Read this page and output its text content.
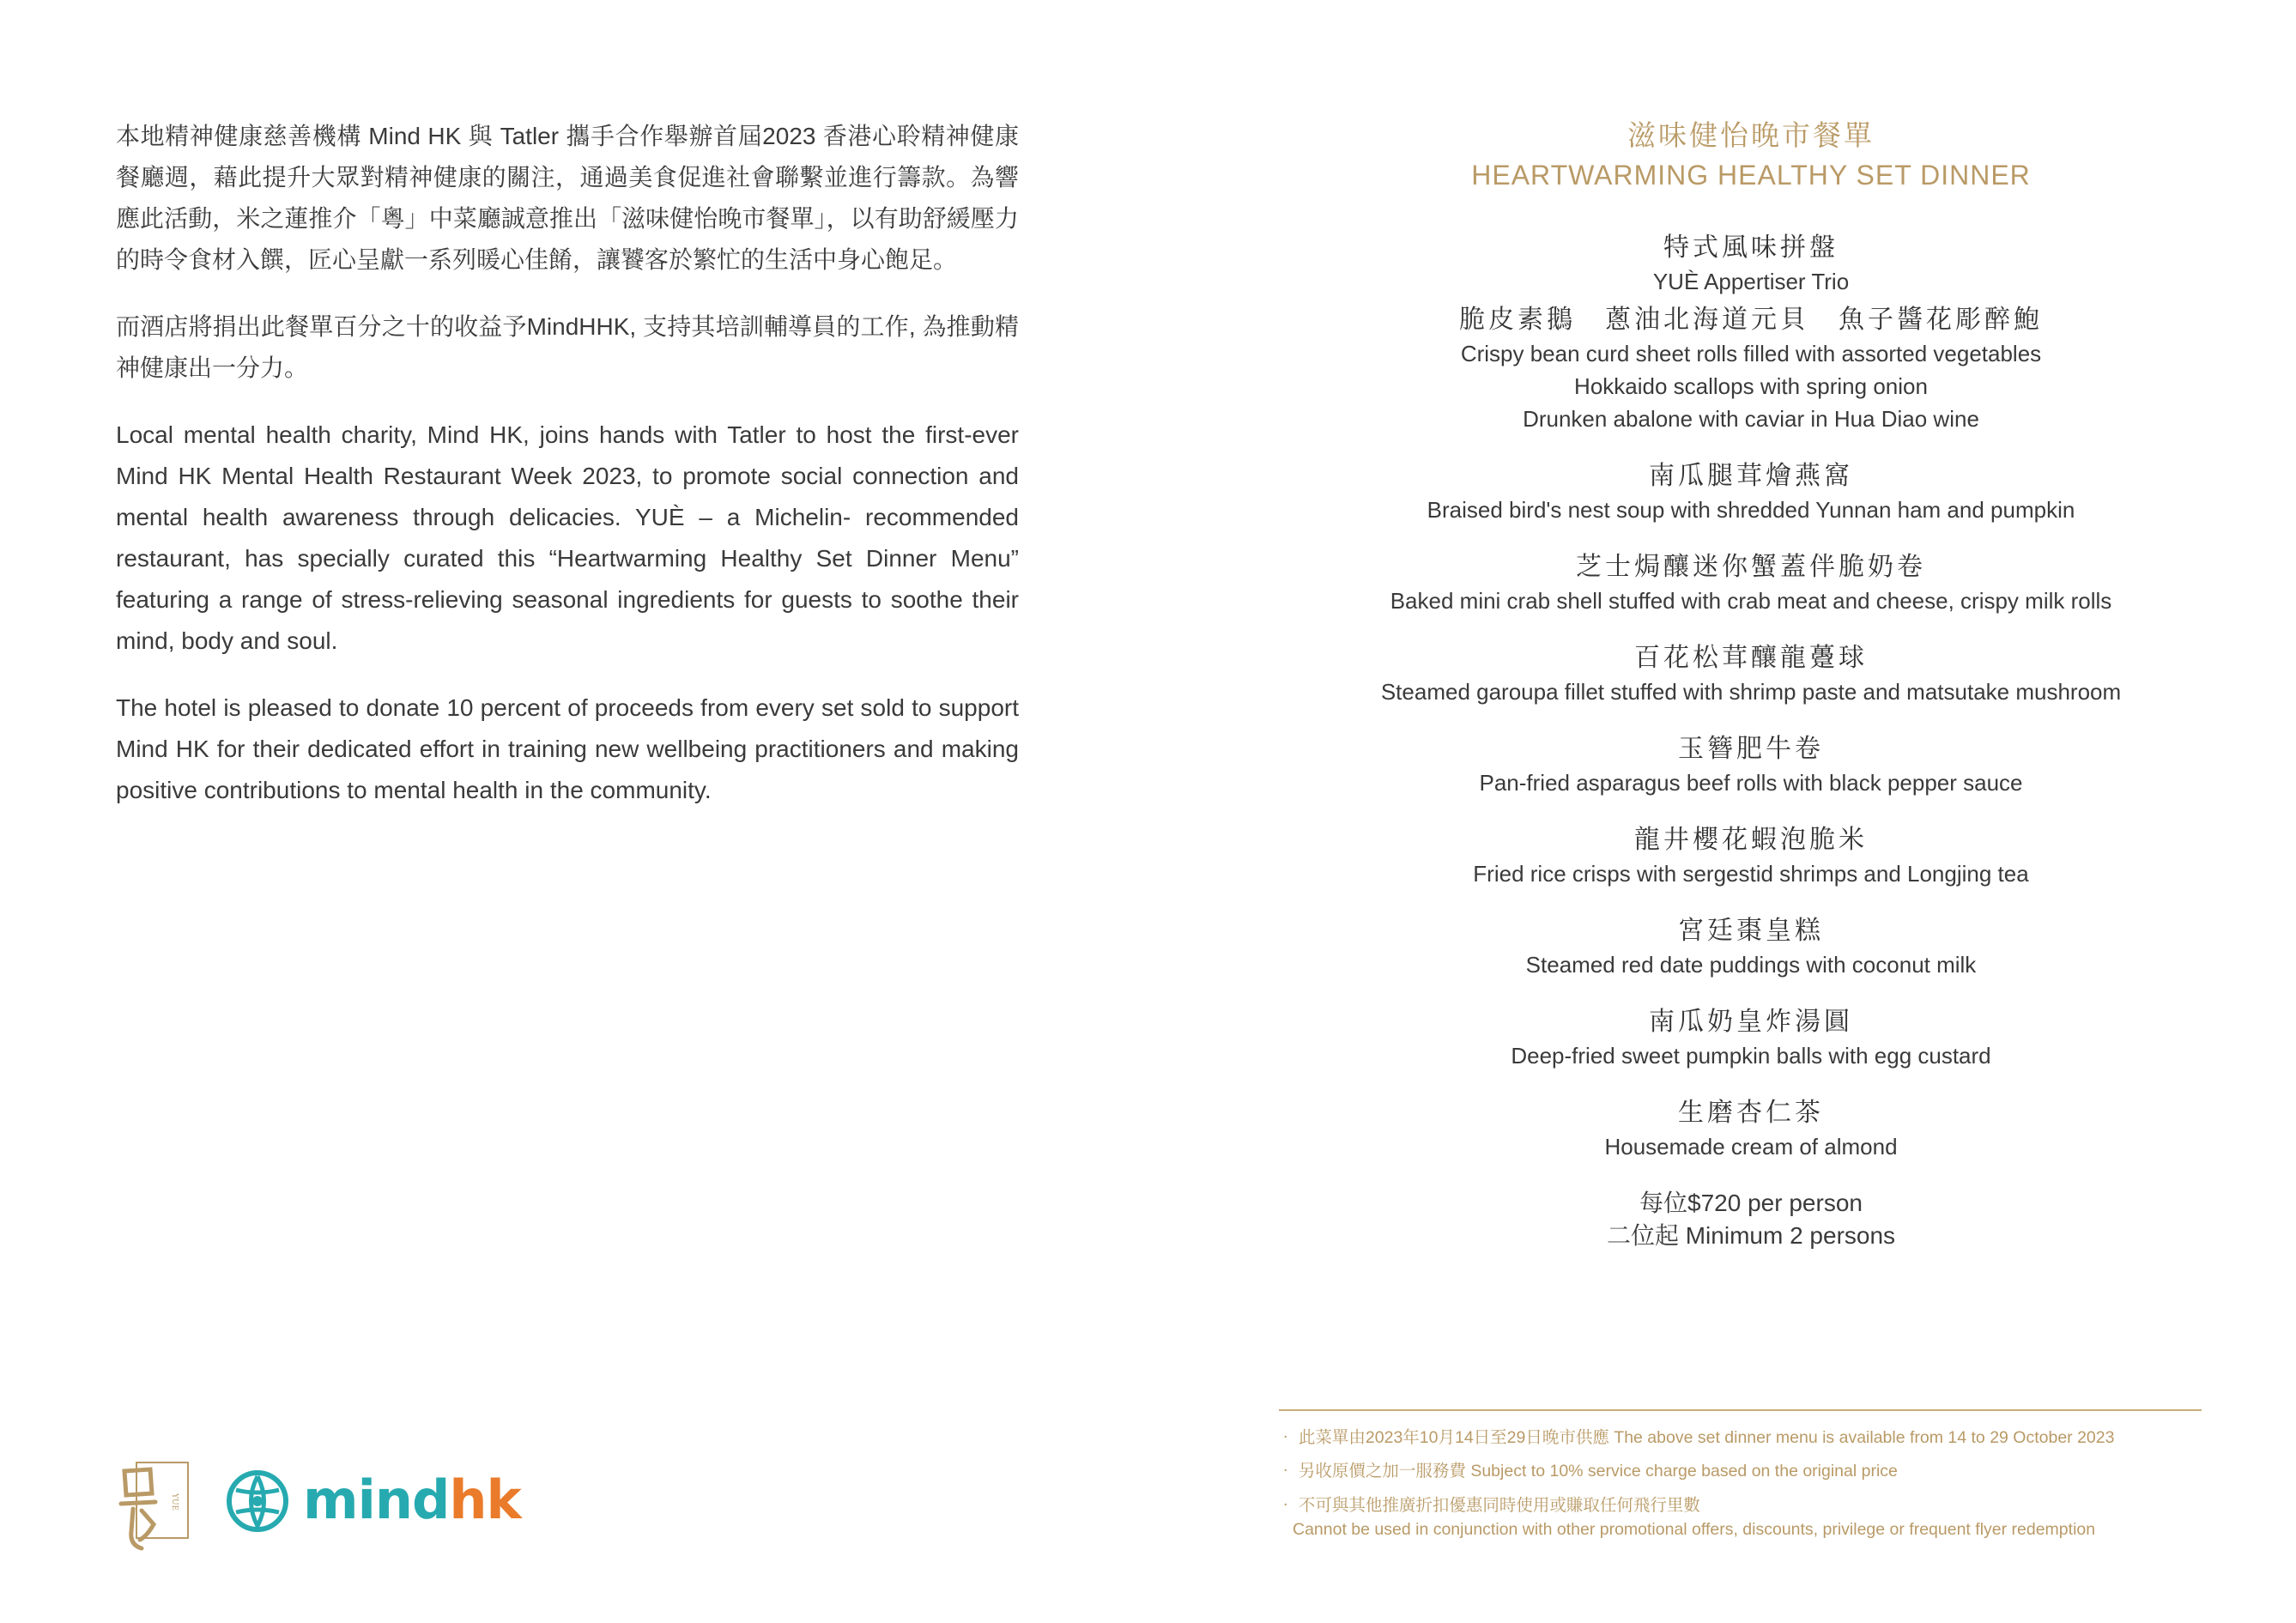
本地精神健康慈善機構 Mind HK 與 Tatler 攜手合作舉辦首屆2023 香港心聆精神健康餐廳週，藉此提升大眾對精神健康的關注，通過美食促進社會聯繫並進行籌款。為響應此活動，米之蓮推介「粵」中菜廳誠意推出「滋味健怡晚市餐單」，以有助舒緩壓力的時令食材入饌，匠心呈獻一系列暖心佳餚，讓饕客於繁忙的生活中身心飽足。

而酒店將捐出此餐單百分之十的收益予MindHHK, 支持其培訓輔導員的工作, 為推動精神健康出一分力。

Local mental health charity, Mind HK, joins hands with Tatler to host the first-ever Mind HK Mental Health Restaurant Week 2023, to promote social connection and mental health awareness through delicacies. YUÈ – a Michelin- recommended restaurant, has specially curated this “Heartwarming Healthy Set Dinner Menu” featuring a range of stress-relieving seasonal ingredients for guests to soothe their mind, body and soul.

The hotel is pleased to donate 10 percent of proceeds from every set sold to support Mind HK for their dedicated effort in training new wellbeing practitioners and making positive contributions to mental health in the community.

滋味健怡晚市餐單
HEARTWARMING HEALTHY SET DINNER
特式風味拼盤
YUÈ Appertiser Trio
脆皮素鵝　蔥油北海道元貝　魚子醬花彫醉鮑
Crispy bean curd sheet rolls filled with assorted vegetables
Hokkaido scallops with spring onion
Drunken abalone with caviar in Hua Diao wine
南瓜腿茸燴燕窩
Braised bird's nest soup with shredded Yunnan ham and pumpkin
芝士焗釀迷你蟹蓋伴脆奶卷
Baked mini crab shell stuffed with crab meat and cheese, crispy milk rolls
百花松茸釀龍躉球
Steamed garoupa fillet stuffed with shrimp paste and matsutake mushroom
玉簪肥牛卷
Pan-fried asparagus beef rolls with black pepper sauce
龍井櫻花蝦泡脆米
Fried rice crisps with sergestid shrimps and Longjing tea
宮廷棗皇糕
Steamed red date puddings with coconut milk
南瓜奶皇炸湯圓
Deep-fried sweet pumpkin balls with egg custard
生磨杏仁茶
Housemade cream of almond
每位$720 per person
二位起 Minimum 2 persons
‧ 此菜單由2023年10月14日至29日晚市供應 The above set dinner menu is available from 14 to 29 October 2023
‧ 另收原價之加一服務費 Subject to 10% service charge based on the original price
‧ 不可與其他推廣折扣優惠同時使用或賺取任何飛行里數
Cannot be used in conjunction with other promotional offers, discounts, privilege or frequent flyer redemption
YUE mindhk
